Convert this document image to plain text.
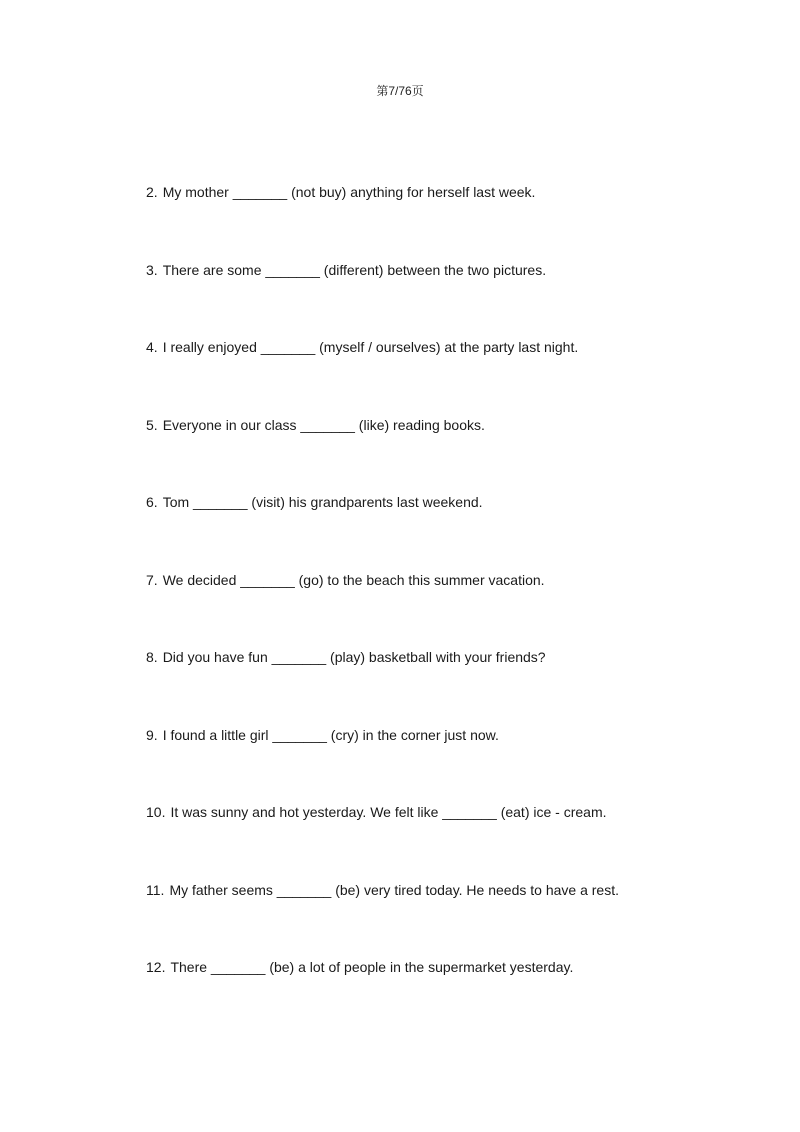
第7/76页
2. My mother _______ (not buy) anything for herself last week.
3. There are some _______ (different) between the two pictures.
4. I really enjoyed _______ (myself / ourselves) at the party last night.
5. Everyone in our class _______ (like) reading books.
6. Tom _______ (visit) his grandparents last weekend.
7. We decided _______ (go) to the beach this summer vacation.
8. Did you have fun _______ (play) basketball with your friends?
9. I found a little girl _______ (cry) in the corner just now.
10. It was sunny and hot yesterday. We felt like _______ (eat) ice - cream.
11. My father seems _______ (be) very tired today. He needs to have a rest.
12. There _______ (be) a lot of people in the supermarket yesterday.
